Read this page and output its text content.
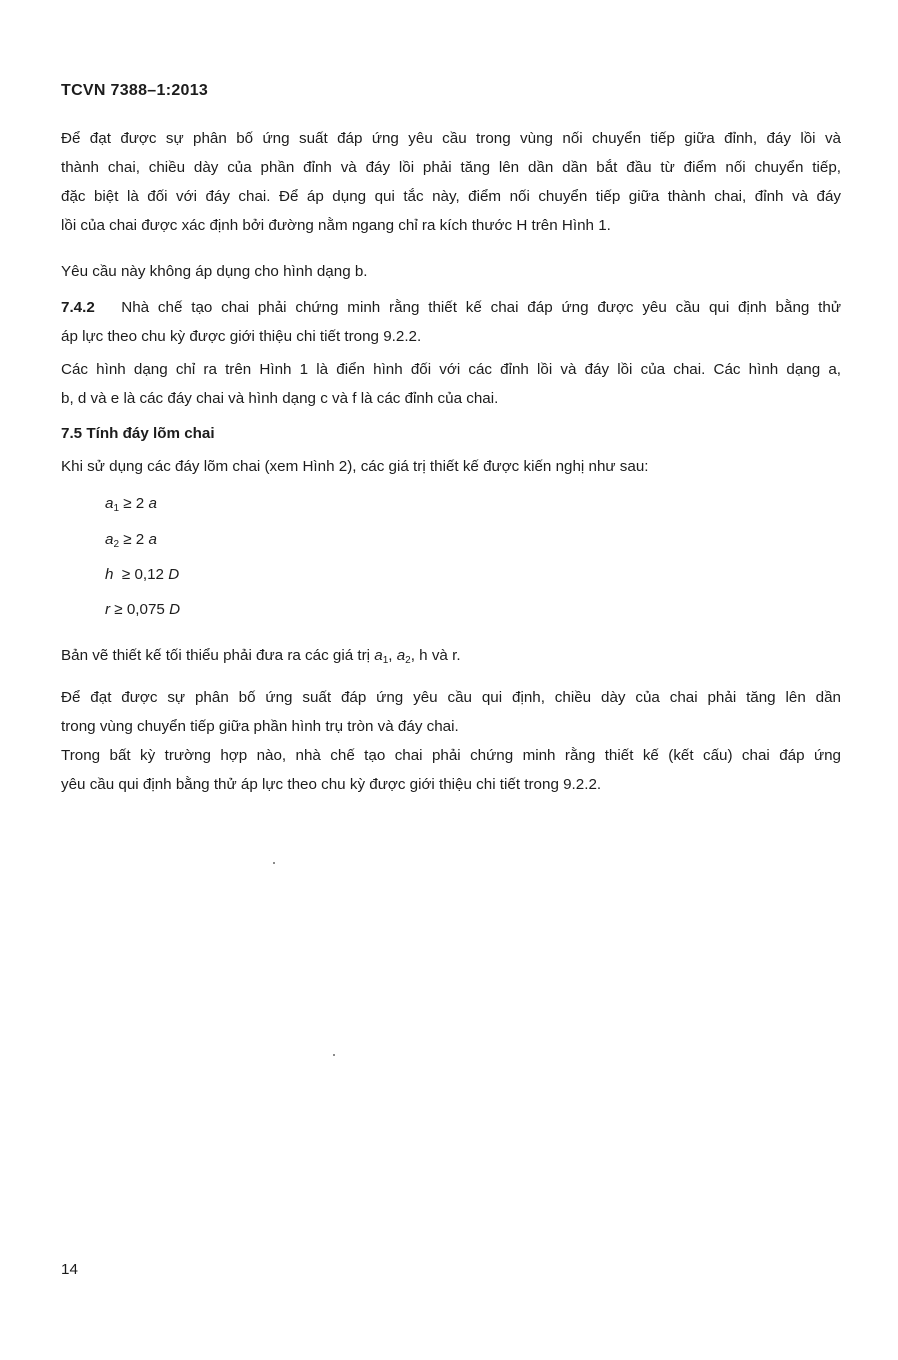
TCVN 7388–1:2013

Để đạt được sự phân bố ứng suất đáp ứng yêu cầu trong vùng nối chuyển tiếp giữa đỉnh, đáy lồi và

thành chai, chiều dày của phần đỉnh và đáy lồi phải tăng lên dần dần bắt đầu từ điểm nối chuyển tiếp,

đặc biệt là đối với đáy chai. Để áp dụng qui tắc này, điểm nối chuyển tiếp giữa thành chai, đỉnh và đáy

lồi của chai được xác định bởi đường nằm ngang chỉ ra kích thước H trên Hình 1.

Yêu cầu này không áp dụng cho hình dạng b.

7.4.2 Nhà chế tạo chai phải chứng minh rằng thiết kế chai đáp ứng được yêu cầu qui định bằng thử

áp lực theo chu kỳ được giới thiệu chi tiết trong 9.2.2.

Các hình dạng chỉ ra trên Hình 1 là điển hình đối với các đỉnh lồi và đáy lồi của chai. Các hình dạng a,

b, d và e là các đáy chai và hình dạng c và f là các đỉnh của chai.

7.5 Tính đáy lõm chai

Khi sử dụng các đáy lõm chai (xem Hình 2), các giá trị thiết kế được kiến nghị như sau:

$a_1 \ge 2$ a
$a_2 \ge 2$ a
h  ≥ 0,12 D
r ≥ 0,075 D

Bản vẽ thiết kế tối thiểu phải đưa ra các giá trị $a_1$, $a_2$, h và r.

Để đạt được sự phân bố ứng suất đáp ứng yêu cầu qui định, chiều dày của chai phải tăng lên dần

trong vùng chuyển tiếp giữa phần hình trụ tròn và đáy chai.

Trong bất kỳ trường hợp nào, nhà chế tạo chai phải chứng minh rằng thiết kế (kết cấu) chai đáp ứng

yêu cầu qui định bằng thử áp lực theo chu kỳ được giới thiệu chi tiết trong 9.2.2.

14
